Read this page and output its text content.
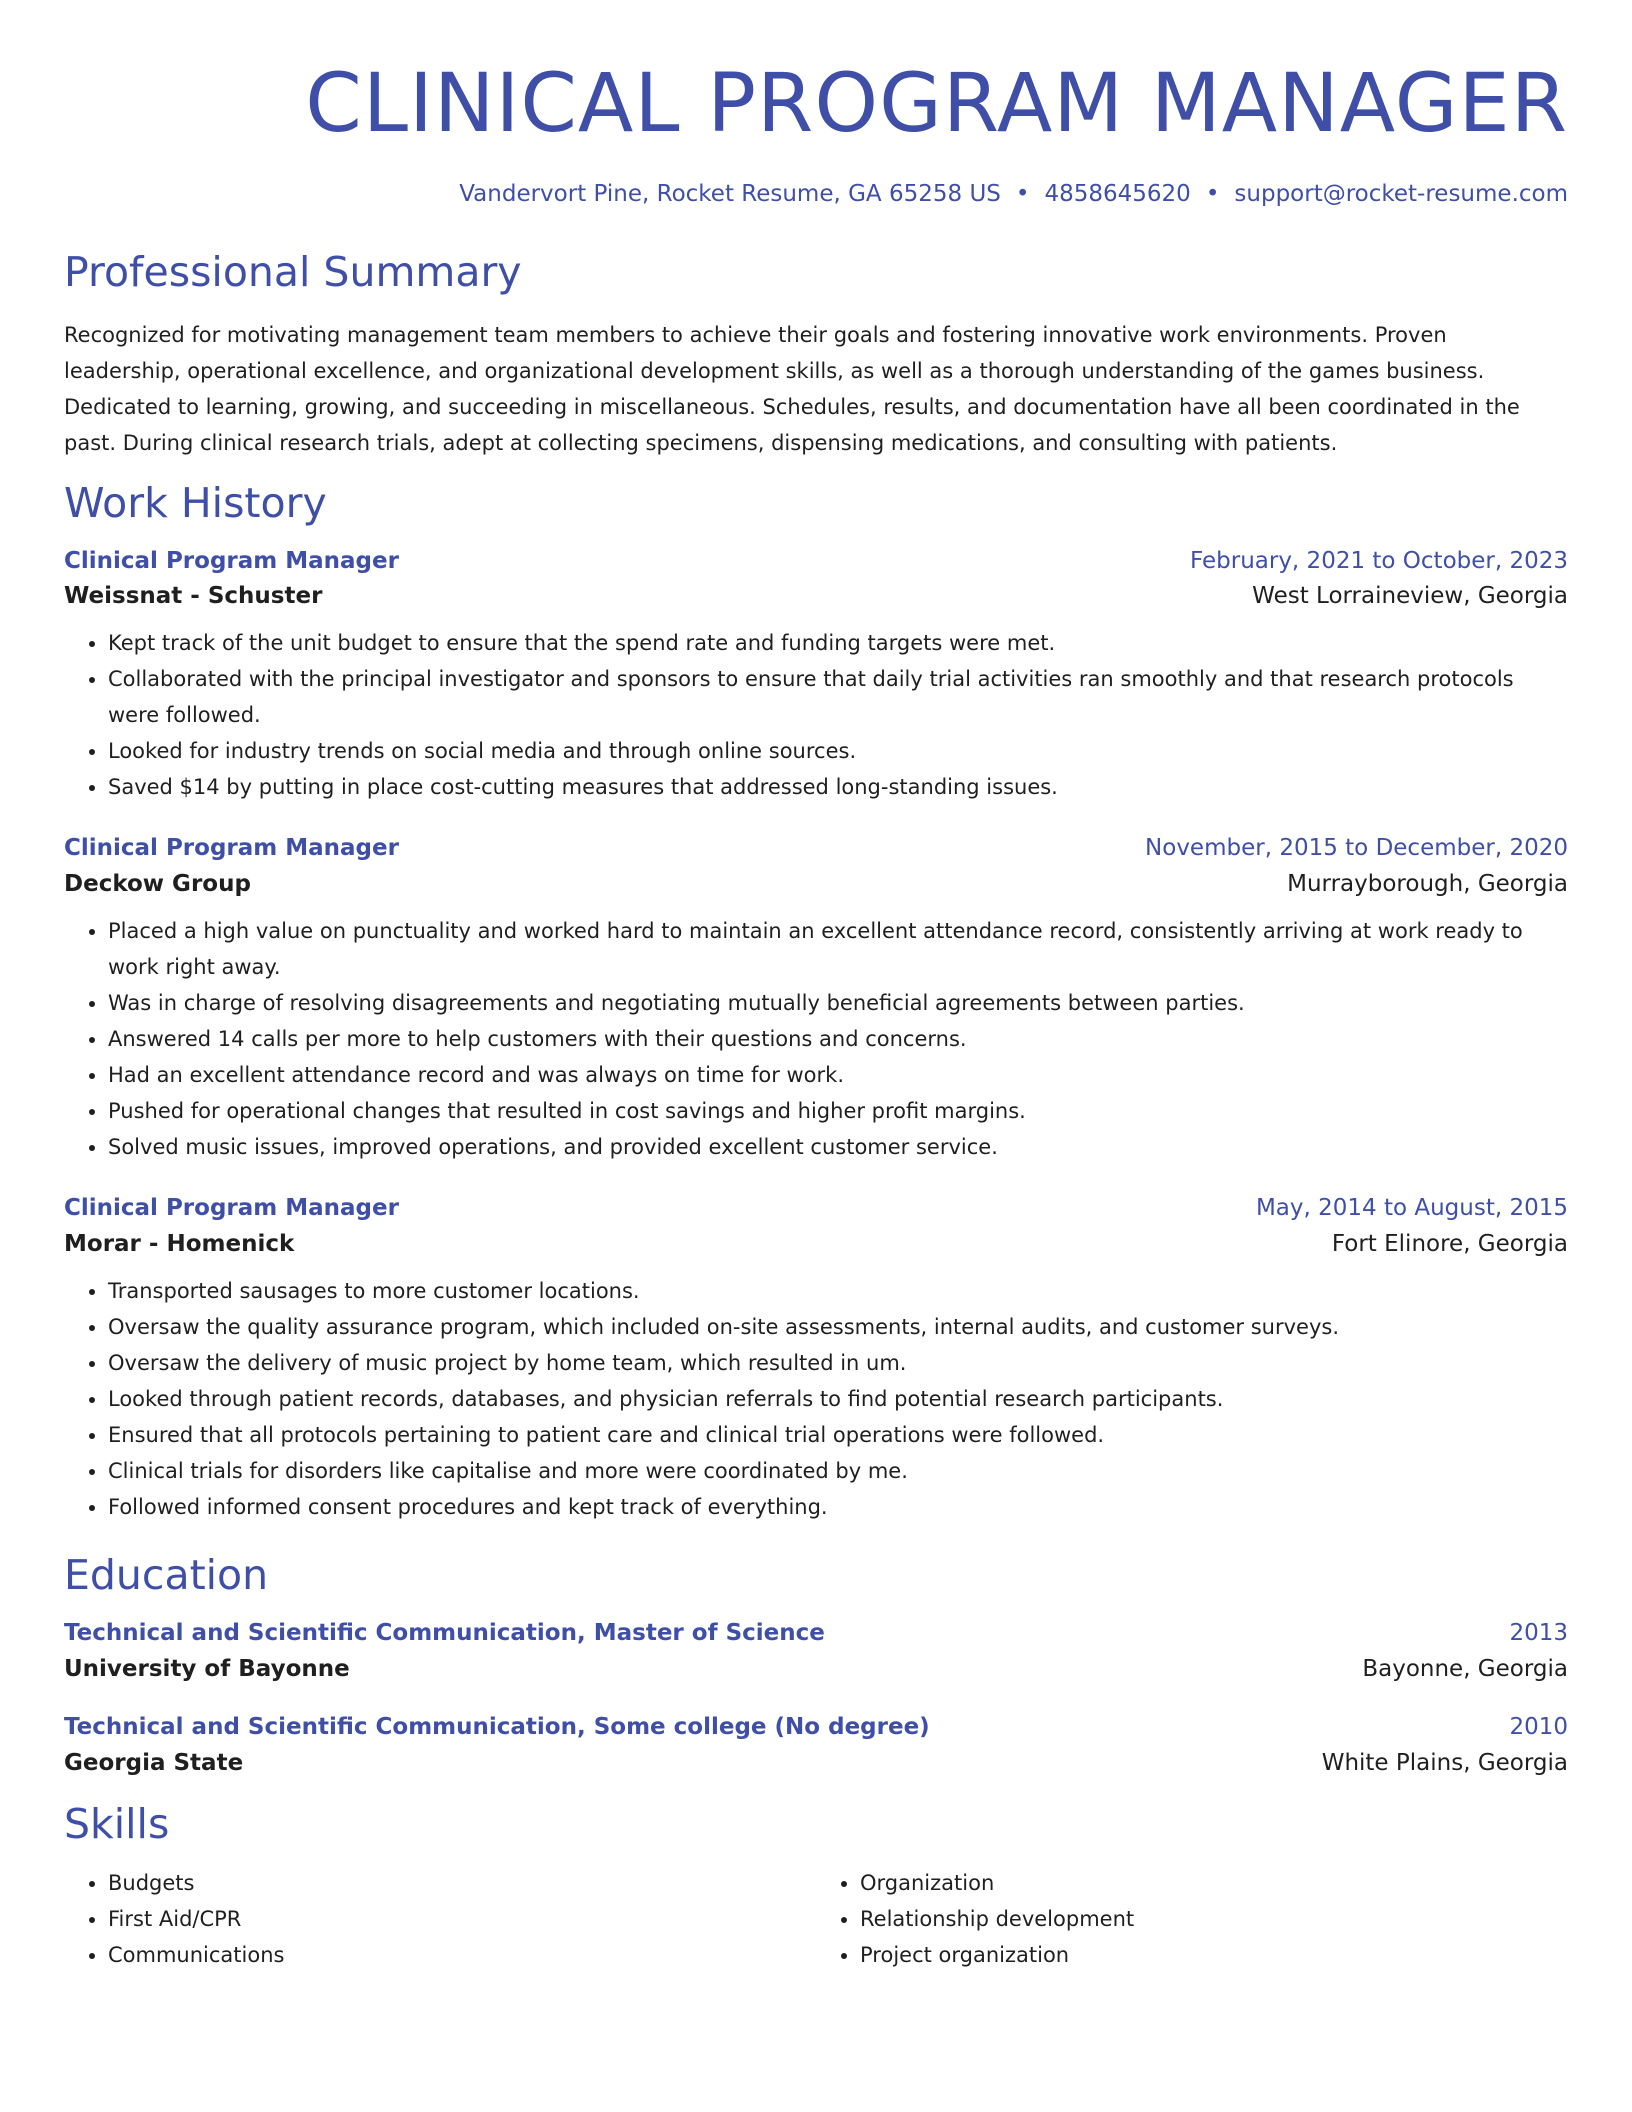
CLINICAL PROGRAM MANAGER
Vandervort Pine, Rocket Resume, GA 65258 US • 4858645620 • support@rocket-resume.com
Professional Summary
Recognized for motivating management team members to achieve their goals and fostering innovative work environments. Proven leadership, operational excellence, and organizational development skills, as well as a thorough understanding of the games business. Dedicated to learning, growing, and succeeding in miscellaneous. Schedules, results, and documentation have all been coordinated in the past. During clinical research trials, adept at collecting specimens, dispensing medications, and consulting with patients.
Work History
Clinical Program Manager	February, 2021 to October, 2023
Weissnat - Schuster	West Lorraineview, Georgia
• Kept track of the unit budget to ensure that the spend rate and funding targets were met.
• Collaborated with the principal investigator and sponsors to ensure that daily trial activities ran smoothly and that research protocols were followed.
• Looked for industry trends on social media and through online sources.
• Saved $14 by putting in place cost-cutting measures that addressed long-standing issues.
Clinical Program Manager	November, 2015 to December, 2020
Deckow Group	Murrayborough, Georgia
• Placed a high value on punctuality and worked hard to maintain an excellent attendance record, consistently arriving at work ready to work right away.
• Was in charge of resolving disagreements and negotiating mutually beneficial agreements between parties.
• Answered 14 calls per more to help customers with their questions and concerns.
• Had an excellent attendance record and was always on time for work.
• Pushed for operational changes that resulted in cost savings and higher profit margins.
• Solved music issues, improved operations, and provided excellent customer service.
Clinical Program Manager	May, 2014 to August, 2015
Morar - Homenick	Fort Elinore, Georgia
• Transported sausages to more customer locations.
• Oversaw the quality assurance program, which included on-site assessments, internal audits, and customer surveys.
• Oversaw the delivery of music project by home team, which resulted in um.
• Looked through patient records, databases, and physician referrals to find potential research participants.
• Ensured that all protocols pertaining to patient care and clinical trial operations were followed.
• Clinical trials for disorders like capitalise and more were coordinated by me.
• Followed informed consent procedures and kept track of everything.
Education
Technical and Scientific Communication, Master of Science	2013
University of Bayonne	Bayonne, Georgia
Technical and Scientific Communication, Some college (No degree)	2010
Georgia State	White Plains, Georgia
Skills
• Budgets
• First Aid/CPR
• Communications
• Organization
• Relationship development
• Project organization
